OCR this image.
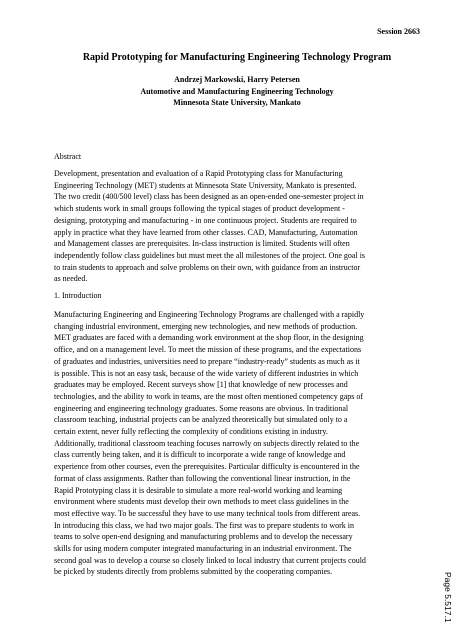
Session 2663
Rapid Prototyping for Manufacturing Engineering Technology Program
Andrzej Markowski, Harry Petersen
Automotive and Manufacturing Engineering Technology
Minnesota State University, Mankato
Abstract
Development, presentation and evaluation of a Rapid Prototyping class for Manufacturing
Engineering Technology (MET) students at Minnesota State University, Mankato is presented.
The two credit (400/500 level) class has been designed as an open-ended one-semester project in
which students work in small groups following the typical stages of product development -
designing, prototyping and manufacturing - in one continuous project. Students are required to
apply in practice what they have learned from other classes. CAD, Manufacturing, Automation
and Management classes are prerequisites. In-class instruction is limited. Students will often
independently follow class guidelines but must meet the all milestones of the project. One goal is
to train students to approach and solve problems on their own, with guidance from an instructor
as needed.
1. Introduction
Manufacturing Engineering and Engineering Technology Programs are challenged with a rapidly
changing industrial environment, emerging new technologies, and new methods of production.
MET graduates are faced with a demanding work environment at the shop floor, in the designing
office, and on a management level. To meet the mission of these programs, and the expectations
of graduates and industries, universities need to prepare “industry-ready” students as much as it
is possible. This is not an easy task, because of the wide variety of different industries in which
graduates may be employed. Recent surveys show [1] that knowledge of new processes and
technologies, and the ability to work in teams, are the most often mentioned competency gaps of
engineering and engineering technology graduates. Some reasons are obvious. In traditional
classroom teaching, industrial projects can be analyzed theoretically but simulated only to a
certain extent, never fully reflecting the complexity of conditions existing in industry.
Additionally, traditional classroom teaching focuses narrowly on subjects directly related to the
class currently being taken, and it is difficult to incorporate a wide range of knowledge and
experience from other courses, even the prerequisites. Particular difficulty is encountered in the
format of class assignments. Rather than following the conventional linear instruction, in the
Rapid Prototyping class it is desirable to simulate a more real-world working and learning
environment where students must develop their own methods to meet class guidelines in the
most effective way. To be successful they have to use many technical tools from different areas.
In introducing this class, we had two major goals. The first was to prepare students to work in
teams to solve open-end designing and manufacturing problems and to develop the necessary
skills for using modern computer integrated manufacturing in an industrial environment. The
second goal was to develop a course so closely linked to local industry that current projects could
be picked by students directly from problems submitted by the cooperating companies.
Page 5.517.1
